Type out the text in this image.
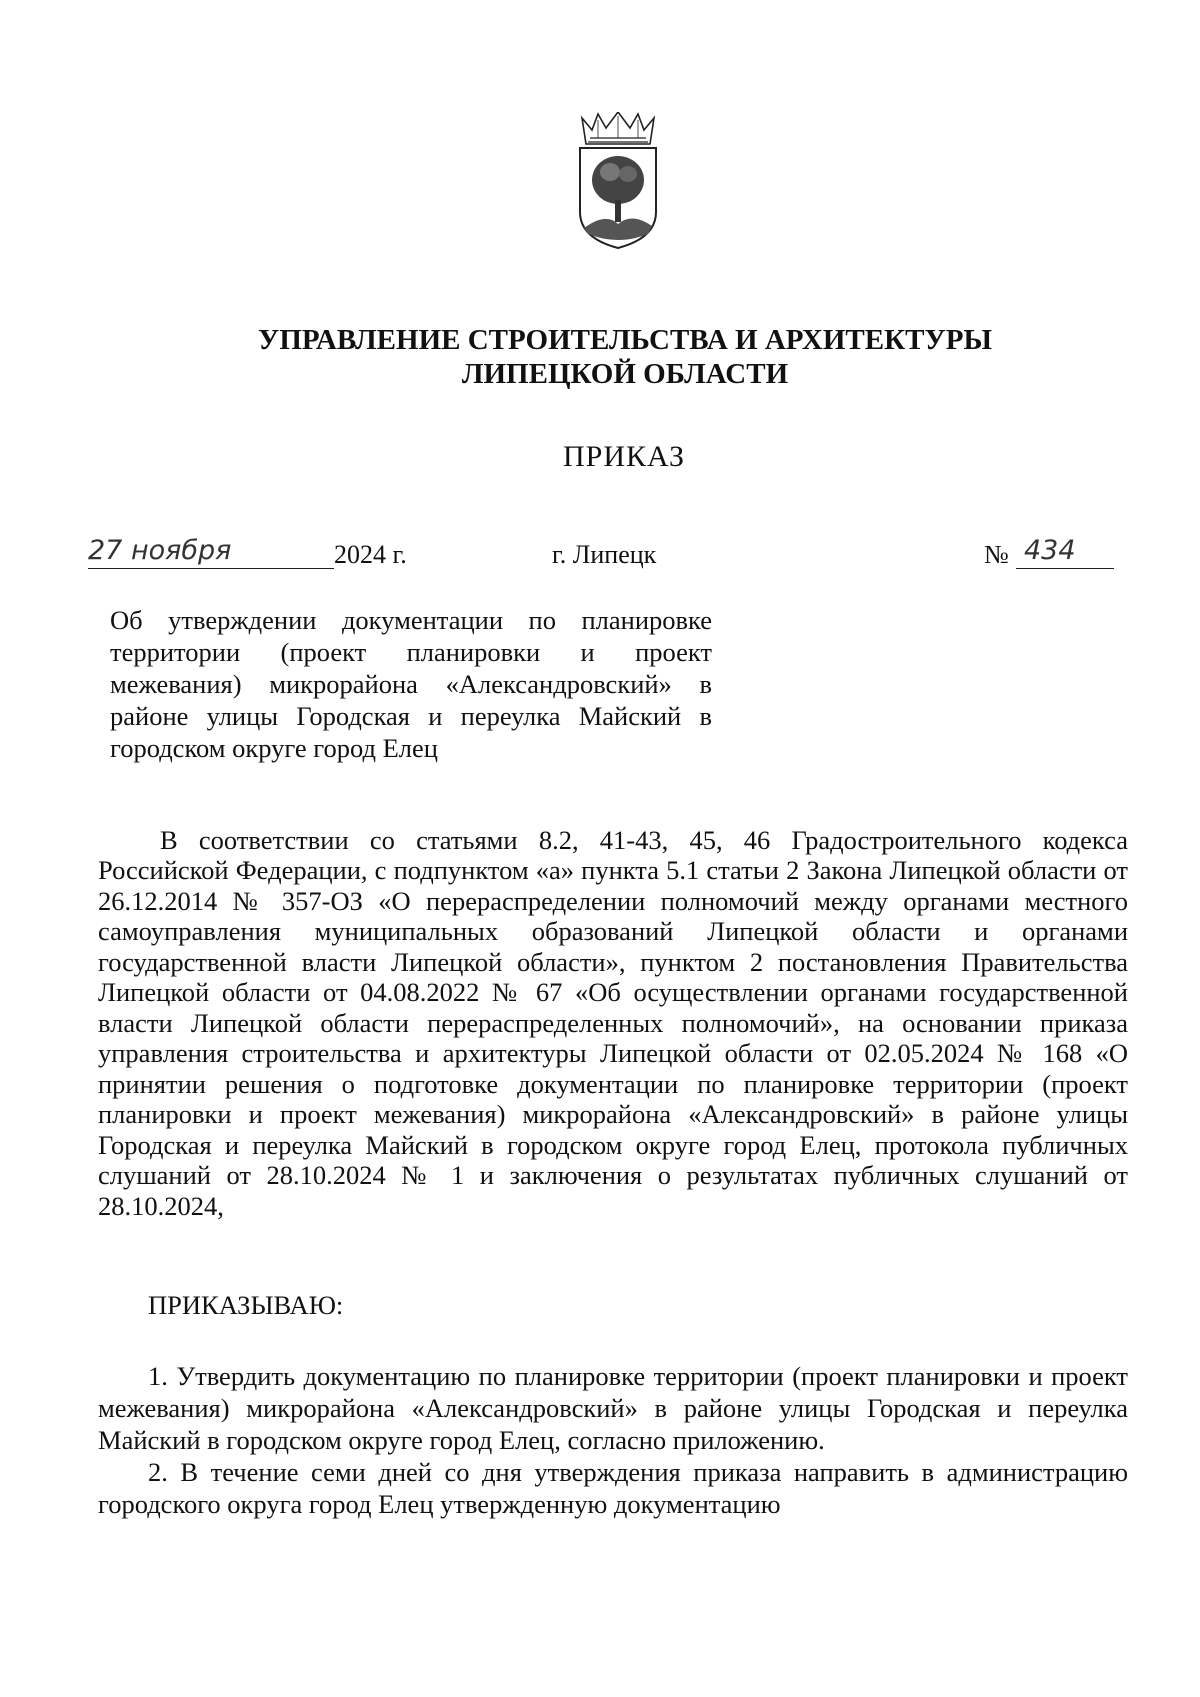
УПРАВЛЕНИЕ СТРОИТЕЛЬСТВА И АРХИТЕКТУРЫ
ЛИПЕЦКОЙ ОБЛАСТИ
ПРИКАЗ
27 ноября	2024 г.	г. Липецк	№ 434
Об утверждении документации по планировке территории (проект планировки и проект межевания) микрорайона «Александровский» в районе улицы Городская и переулка Майский в городском округе город Елец

В соответствии со статьями 8.2, 41-43, 45, 46 Градостроительного кодекса Российской Федерации, с подпунктом «а» пункта 5.1 статьи 2 Закона Липецкой области от 26.12.2014 № 357-ОЗ «О перераспределении полномочий между органами местного самоуправления муниципальных образований Липецкой области и органами государственной власти Липецкой области», пунктом 2 постановления Правительства Липецкой области от 04.08.2022 № 67 «Об осуществлении органами государственной власти Липецкой области перераспределенных полномочий», на основании приказа управления строительства и архитектуры Липецкой области от 02.05.2024 № 168 «О принятии решения о подготовке документации по планировке территории (проект планировки и проект межевания) микрорайона «Александровский» в районе улицы Городская и переулка Майский в городском округе город Елец, протокола публичных слушаний от 28.10.2024 № 1 и заключения о результатах публичных слушаний от 28.10.2024,

ПРИКАЗЫВАЮ:

1. Утвердить документацию по планировке территории (проект планировки и проект межевания) микрорайона «Александровский» в районе улицы Городская и переулка Майский в городском округе город Елец, согласно приложению.

2. В течение семи дней со дня утверждения приказа направить в администрацию городского округа город Елец утвержденную документацию
